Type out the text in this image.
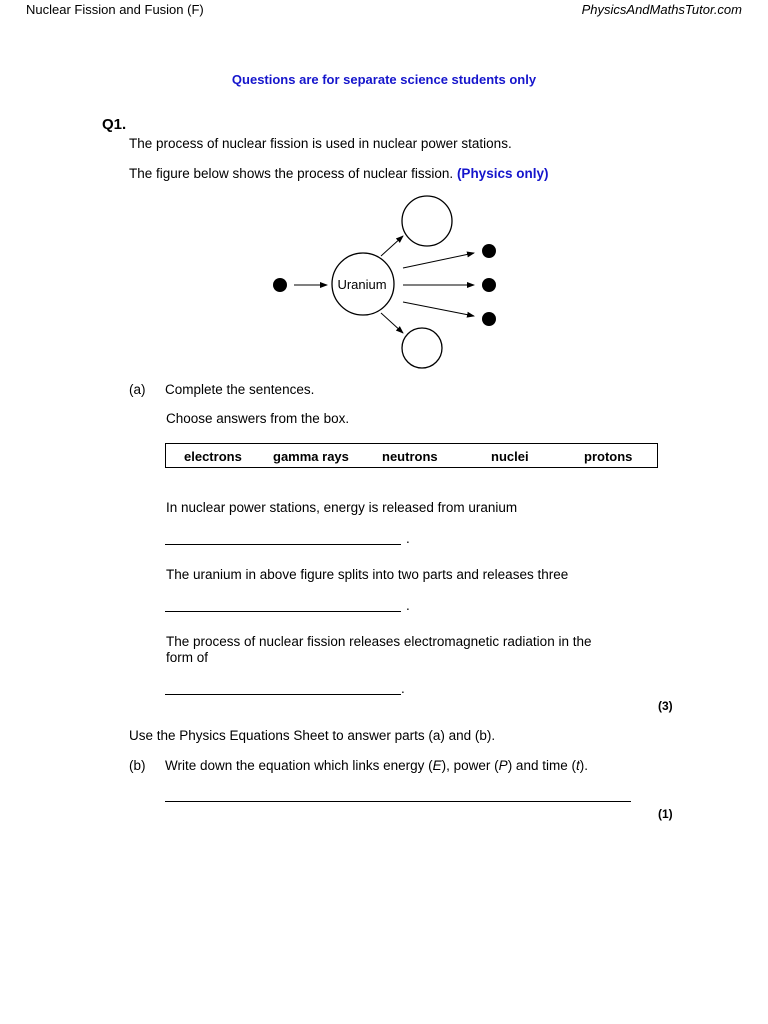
Nuclear Fission and Fusion (F)	PhysicsAndMathsTutor.com
Questions are for separate science students only
Q1.
The process of nuclear fission is used in nuclear power stations.
The figure below shows the process of nuclear fission. (Physics only)
Uranium
(a) Complete the sentences.
Choose answers from the box.
electrons gamma rays	neutrons	nuclei	protons
In nuclear power stations, energy is released from uranium
.
The uranium in above figure splits into two parts and releases three
.
The process of nuclear fission releases electromagnetic radiation in the
form of
.
(3)
Use the Physics Equations Sheet to answer parts (a) and (b).
(b) Write down the equation which links energy (E), power (P) and time (t).
(1)
